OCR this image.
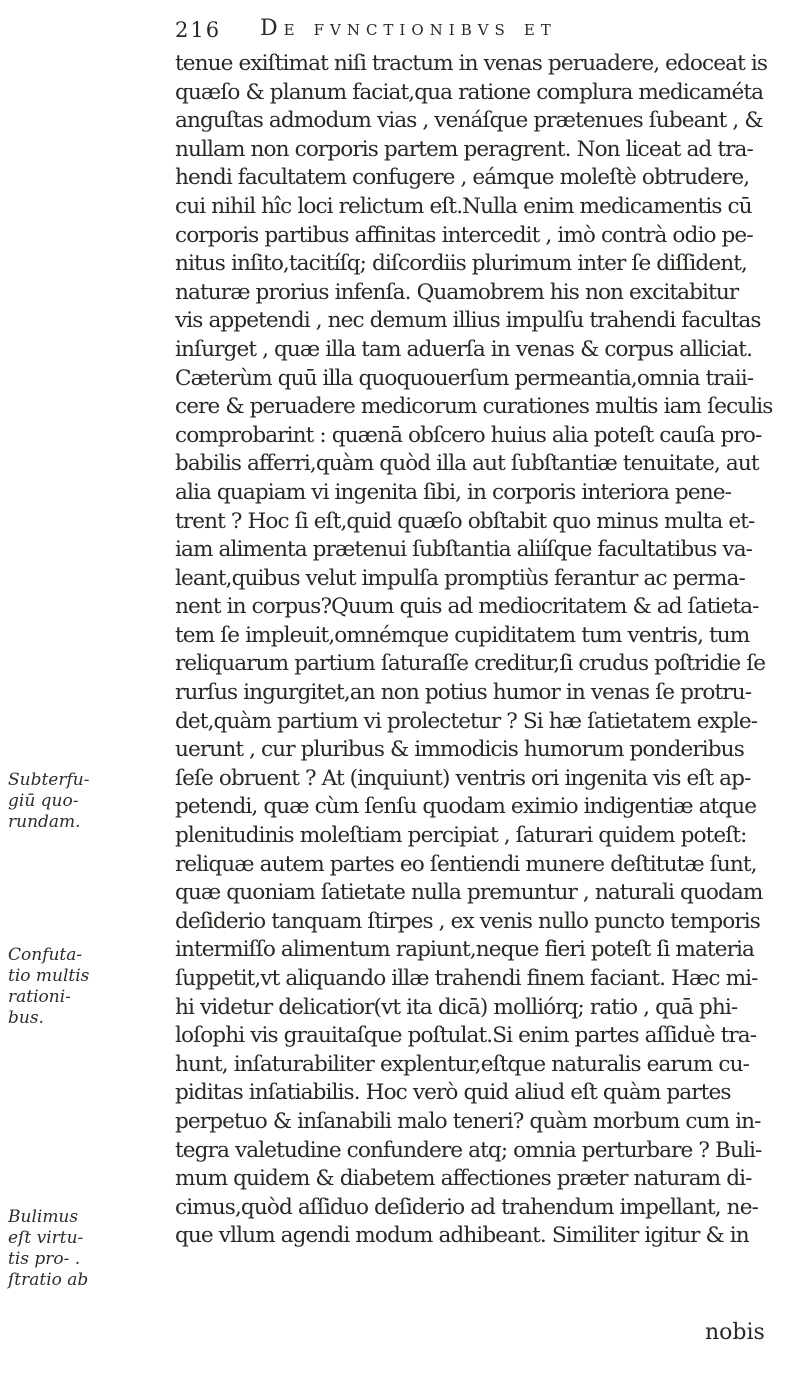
216 De fvnctionibvs et
tenue exiſtimat niſi tractum in venas peruadere, edoceat is
quæſo & planum faciat,qua ratione complura medicaméta
anguſtas admodum vias , venáſque prætenues ſubeant , &
nullam non corporis partem peragrent. Non liceat ad tra-
hendi facultatem confugere , eámque moleſtè obtrudere,
cui nihil hîc loci relictum eſt.Nulla enim medicamentis cū
corporis partibus affinitas intercedit , imò contrà odio pe-
nitus inſito,tacitíſq; diſcordiis plurimum inter ſe diſſident,
naturæ prorius infenſa. Quamobrem his non excitabitur
vis appetendi , nec demum illius impulſu trahendi facultas
inſurget , quæ illa tam aduerſa in venas & corpus alliciat.
Cæterùm quū illa quoquouerſum permeantia,omnia traii-
cere & peruadere medicorum curationes multis iam ſeculis
comprobarint : quænā obſcero huius alia poteſt cauſa pro-
babilis afferri,quàm quòd illa aut ſubſtantiæ tenuitate, aut
alia quapiam vi ingenita ſibi, in corporis interiora pene-
trent ? Hoc ſi eſt,quid quæſo obſtabit quo minus multa et-
iam alimenta prætenui ſubſtantia aliíſque facultatibus va-
leant,quibus velut impulſa promptiùs ferantur ac perma-
nent in corpus?Quum quis ad mediocritatem & ad ſatieta-
tem ſe impleuit,omnémque cupiditatem tum ventris, tum
reliquarum partium ſaturaſſe creditur,ſi crudus poſtridie ſe
rurſus ingurgitet,an non potius humor in venas ſe protru-
det,quàm partium vi prolectetur ? Si hæ ſatietatem exple-
uerunt , cur pluribus & immodicis humorum ponderibus
ſeſe obruent ? At (inquiunt) ventris ori ingenita vis eſt ap-
petendi, quæ cùm ſenſu quodam eximio indigentiæ atque
plenitudinis moleſtiam percipiat , ſaturari quidem poteſt:
reliquæ autem partes eo ſentiendi munere deſtitutæ ſunt,
quæ quoniam ſatietate nulla premuntur , naturali quodam
deſiderio tanquam ſtirpes , ex venis nullo puncto temporis
intermiſſo alimentum rapiunt,neque fieri poteſt ſi materia
ſuppetit,vt aliquando illæ trahendi finem faciant. Hæc mi-
hi videtur delicatior(vt ita dicā) molliórq; ratio , quā phi-
loſophi vis grauitaſque poſtulat.Si enim partes aſſiduè tra-
hunt, inſaturabiliter explentur,eſtque naturalis earum cu-
piditas inſatiabilis. Hoc verò quid aliud eſt quàm partes
perpetuo & inſanabili malo teneri? quàm morbum cum in-
tegra valetudine confundere atq; omnia perturbare ? Buli-
mum quidem & diabetem affectiones præter naturam di-
cimus,quòd aſſiduo deſiderio ad trahendum impellant, ne-
que vllum agendi modum adhibeant. Similiter igitur & in
Subterfu-
giū quo-
rundam.
Confuta-
tio multis
rationi-
bus.
Bulimus
eſt virtu-
tis pro- .
ſtratio ab
nobis
